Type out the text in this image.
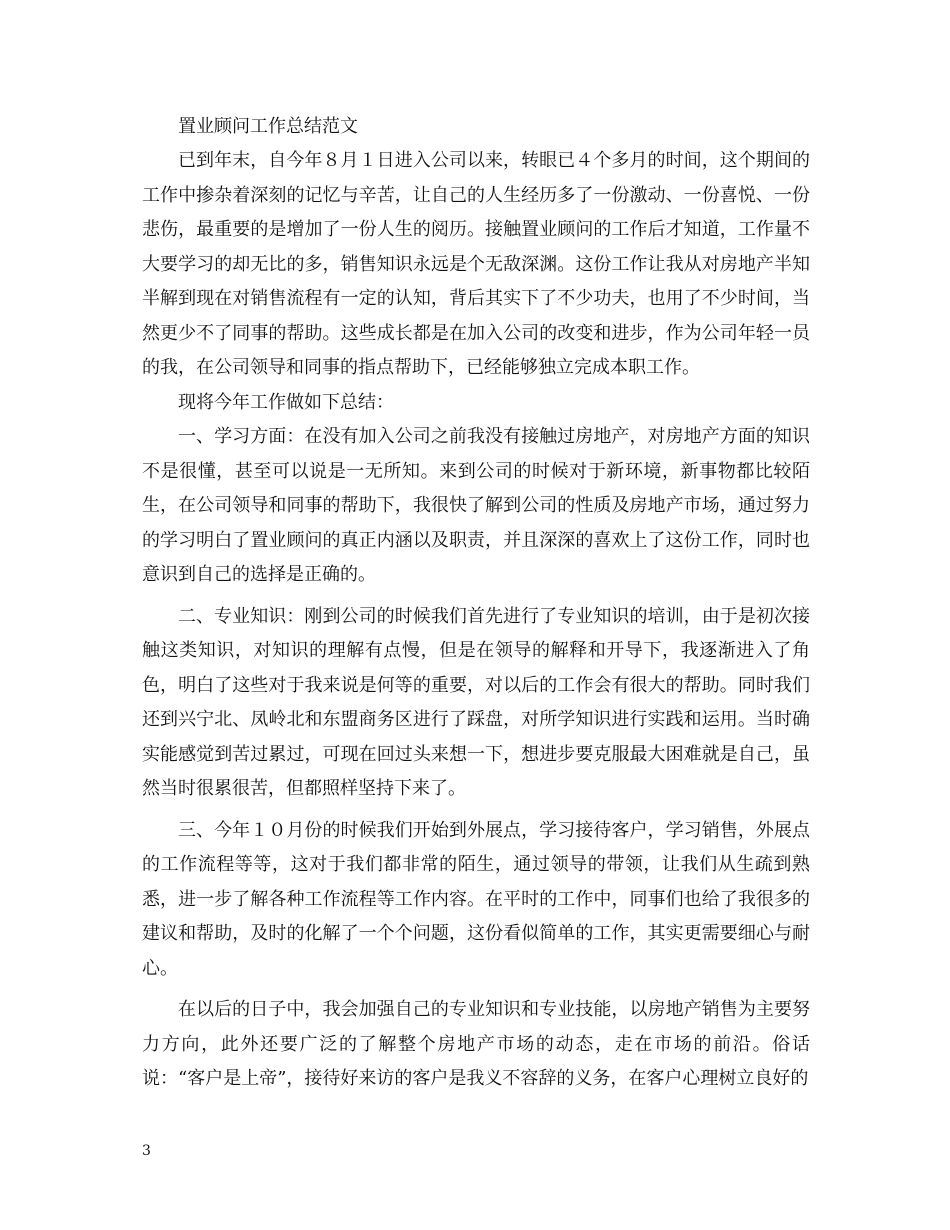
置业顾问工作总结范文

已到年末，自今年８月１日进入公司以来，转眼已４个多月的时间，这个期间的工作中掺杂着深刻的记忆与辛苦，让自己的人生经历多了一份激动、一份喜悦、一份悲伤，最重要的是增加了一份人生的阅历。接触置业顾问的工作后才知道，工作量不大要学习的却无比的多，销售知识永远是个无敌深渊。这份工作让我从对房地产半知半解到现在对销售流程有一定的认知，背后其实下了不少功夫，也用了不少时间，当然更少不了同事的帮助。这些成长都是在加入公司的改变和进步，作为公司年轻一员的我，在公司领导和同事的指点帮助下，已经能够独立完成本职工作。

现将今年工作做如下总结：

一、学习方面：在没有加入公司之前我没有接触过房地产，对房地产方面的知识不是很懂，甚至可以说是一无所知。来到公司的时候对于新环境，新事物都比较陌生，在公司领导和同事的帮助下，我很快了解到公司的性质及房地产市场，通过努力的学习明白了置业顾问的真正内涵以及职责，并且深深的喜欢上了这份工作，同时也意识到自己的选择是正确的。

二、专业知识：刚到公司的时候我们首先进行了专业知识的培训，由于是初次接触这类知识，对知识的理解有点慢，但是在领导的解释和开导下，我逐渐进入了角色，明白了这些对于我来说是何等的重要，对以后的工作会有很大的帮助。同时我们还到兴宁北、凤岭北和东盟商务区进行了踩盘，对所学知识进行实践和运用。当时确实能感觉到苦过累过，可现在回过头来想一下，想进步要克服最大困难就是自己，虽然当时很累很苦，但都照样坚持下来了。

三、今年１０月份的时候我们开始到外展点，学习接待客户，学习销售，外展点的工作流程等等，这对于我们都非常的陌生，通过领导的带领，让我们从生疏到熟悉，进一步了解各种工作流程等工作内容。在平时的工作中，同事们也给了我很多的建议和帮助，及时的化解了一个个问题，这份看似简单的工作，其实更需要细心与耐心。

在以后的日子中，我会加强自己的专业知识和专业技能，以房地产销售为主要努力方向，此外还要广泛的了解整个房地产市场的动态，走在市场的前沿。俗话说：“客户是上帝”，接待好来访的客户是我义不容辞的义务，在客户心理树立良好的

3
